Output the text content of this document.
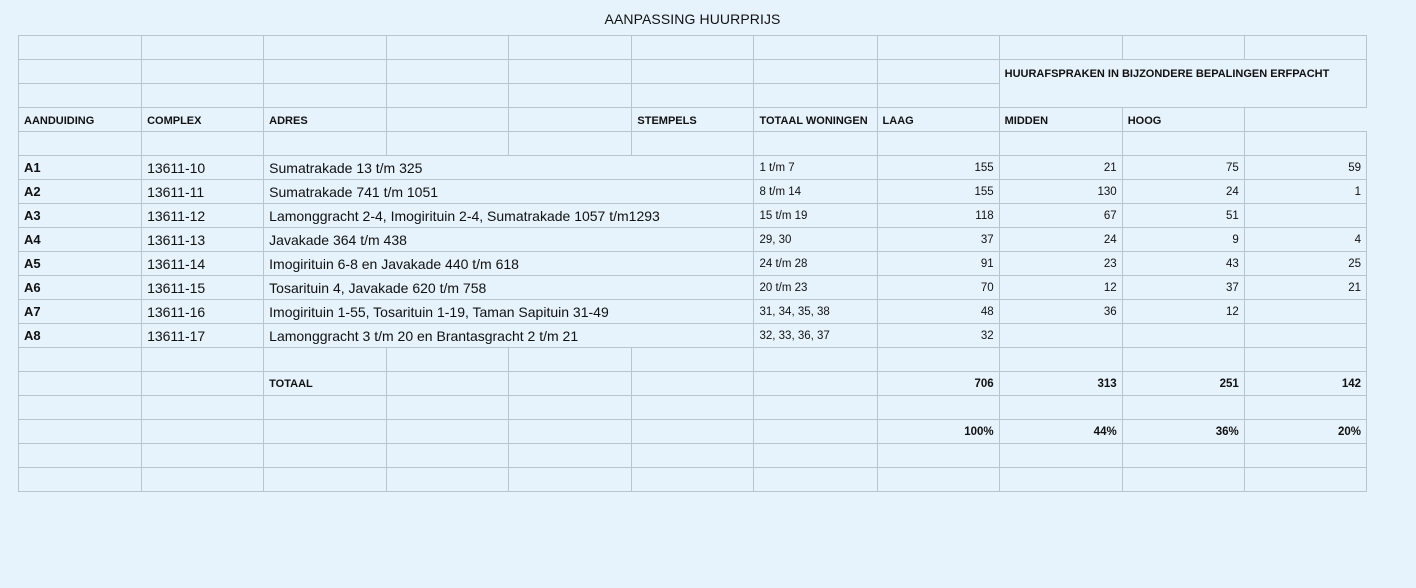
AANPASSING HUURPRIJS

								HUURAFSPRAKEN IN BIJZONDERE BEPALINGEN ERFPACHT		

AANDUIDING	COMPLEX	ADRES			STEMPELS	TOTAAL WONINGEN	LAAG	MIDDEN	HOOG	

A1	13611-10	Sumatrakade 13 t/m 325				1 t/m 7	155	21	75	59
A2	13611-11	Sumatrakade 741 t/m 1051				8 t/m 14	155	130	24	1
A3	13611-12	Lamonggracht 2-4, Imogirituin 2-4, Sumatrakade 1057 t/m1293				15 t/m 19	118	67	51	
A4	13611-13	Javakade 364 t/m 438				29, 30	37	24	9	4
A5	13611-14	Imogirituin 6-8 en Javakade 440 t/m 618				24 t/m 28	91	23	43	25
A6	13611-15	Tosarituin 4, Javakade 620 t/m 758				20 t/m 23	70	12	37	21
A7	13611-16	Imogirituin 1-55, Tosarituin 1-19, Taman Sapituin 31-49				31, 34, 35, 38	48	36	12	
A8	13611-17	Lamonggracht 3 t/m 20 en Brantasgracht 2 t/m 21				32, 33, 36, 37	32			

		TOTAAL					706	313	251	142

							100%	44%	36%	20%
